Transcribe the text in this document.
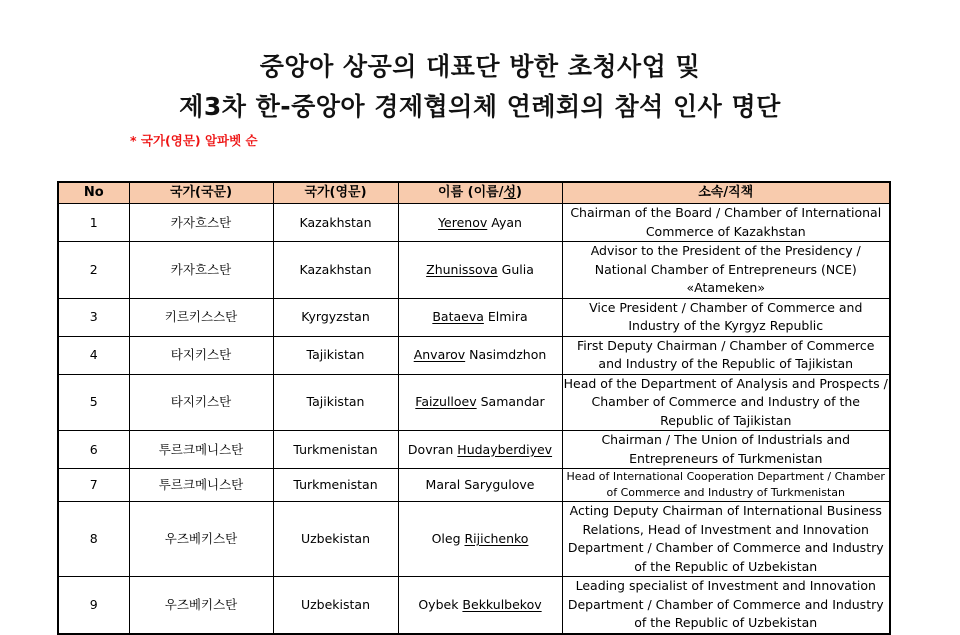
중앙아 상공의 대표단 방한 초청사업 및
제3차 한-중앙아 경제협의체 연례회의 참석 인사 명단
* 국가(영문) 알파벳 순
No	국가(국문)	국가(영문)	이름 (이름/성)	소속/직책
1	카자흐스탄	Kazakhstan	Yerenov Ayan	Chairman of the Board / Chamber of International Commerce of Kazakhstan
2	카자흐스탄	Kazakhstan	Zhunissova Gulia	Advisor to the President of the Presidency / National Chamber of Entrepreneurs (NCE) «Atameken»
3	키르키스스탄	Kyrgyzstan	Bataeva Elmira	Vice President / Chamber of Commerce and Industry of the Kyrgyz Republic
4	타지키스탄	Tajikistan	Anvarov Nasimdzhon	First Deputy Chairman / Chamber of Commerce and Industry of the Republic of Tajikistan
5	타지키스탄	Tajikistan	Faizulloev Samandar	Head of the Department of Analysis and Prospects / Chamber of Commerce and Industry of the Republic of Tajikistan
6	투르크메니스탄	Turkmenistan	Dovran Hudayberdiyev	Chairman / The Union of Industrials and Entrepreneurs of Turkmenistan
7	투르크메니스탄	Turkmenistan	Maral Sarygulove	Head of International Cooperation Department / Chamber of Commerce and Industry of Turkmenistan
8	우즈베키스탄	Uzbekistan	Oleg Rijichenko	Acting Deputy Chairman of International Business Relations, Head of Investment and Innovation Department / Chamber of Commerce and Industry of the Republic of Uzbekistan
9	우즈베키스탄	Uzbekistan	Oybek Bekkulbekov	Leading specialist of Investment and Innovation Department / Chamber of Commerce and Industry of the Republic of Uzbekistan
